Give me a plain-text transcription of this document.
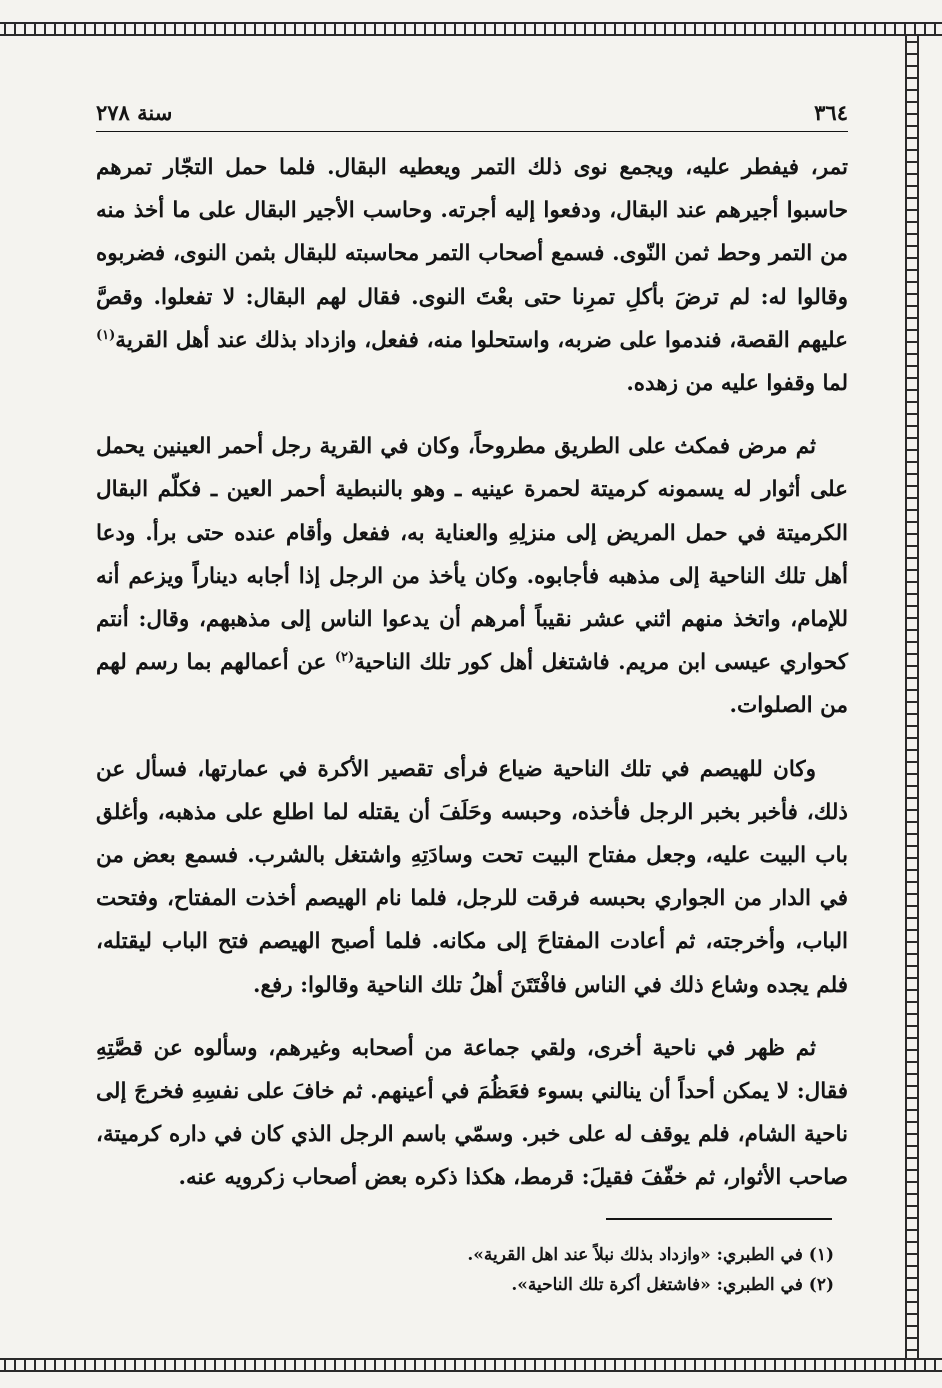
٣٦٤
سنة ٢٧٨

تمر، فيفطر عليه، ويجمع نوى ذلك التمر ويعطيه البقال. فلما حمل التجّار تمرهم حاسبوا أجيرهم عند البقال، ودفعوا إليه أجرته. وحاسب الأجير البقال على ما أخذ منه من التمر وحط ثمن النّوى. فسمع أصحاب التمر محاسبته للبقال بثمن النوى، فضربوه وقالوا له: لم ترضَ بأكلِ تمرِنا حتى بعْتَ النوى. فقال لهم البقال: لا تفعلوا. وقصَّ عليهم القصة، فندموا على ضربه، واستحلوا منه، ففعل، وازداد بذلك عند أهل القرية$^{(١)}$ لما وقفوا عليه من زهده.

ثم مرض فمكث على الطريق مطروحاً، وكان في القرية رجل أحمر العينين يحمل على أثوار له يسمونه كرميتة لحمرة عينيه ـ وهو بالنبطية أحمر العين ـ فكلّم البقال الكرميتة في حمل المريض إلى منزلِهِ والعناية به، ففعل وأقام عنده حتى برأ. ودعا أهل تلك الناحية إلى مذهبه فأجابوه. وكان يأخذ من الرجل إذا أجابه ديناراً ويزعم أنه للإمام، واتخذ منهم اثني عشر نقيباً أمرهم أن يدعوا الناس إلى مذهبهم، وقال: أنتم كحواري عيسى ابن مريم. فاشتغل أهل كور تلك الناحية$^{(٢)}$ عن أعمالهم بما رسم لهم من الصلوات.

وكان للهيصم في تلك الناحية ضياع فرأى تقصير الأكرة في عمارتها، فسأل عن ذلك، فأخبر بخبر الرجل فأخذه، وحبسه وحَلَفَ أن يقتله لما اطلع على مذهبه، وأغلق باب البيت عليه، وجعل مفتاح البيت تحت وسادَتِهِ واشتغل بالشرب. فسمع بعض من في الدار من الجواري بحبسه فرقت للرجل، فلما نام الهيصم أخذت المفتاح، وفتحت الباب، وأخرجته، ثم أعادت المفتاحَ إلى مكانه. فلما أصبح الهيصم فتح الباب ليقتله، فلم يجده وشاع ذلك في الناس فافْتَتَنَ أهلُ تلك الناحية وقالوا: رفع.

ثم ظهر في ناحية أخرى، ولقي جماعة من أصحابه وغيرهم، وسألوه عن قصَّتِهِ فقال: لا يمكن أحداً أن ينالني بسوء فعَظُمَ في أعينهم. ثم خافَ على نفسِهِ فخرجَ إلى ناحية الشام، فلم يوقف له على خبر. وسمّي باسم الرجل الذي كان في داره كرميتة، صاحب الأثوار، ثم خفّفَ فقيلَ: قرمط، هكذا ذكره بعض أصحاب زكرويه عنه.

(١) في الطبري: «وازداد بذلك نبلاً عند اهل القرية».
(٢) في الطبري: «فاشتغل أكرة تلك الناحية».
